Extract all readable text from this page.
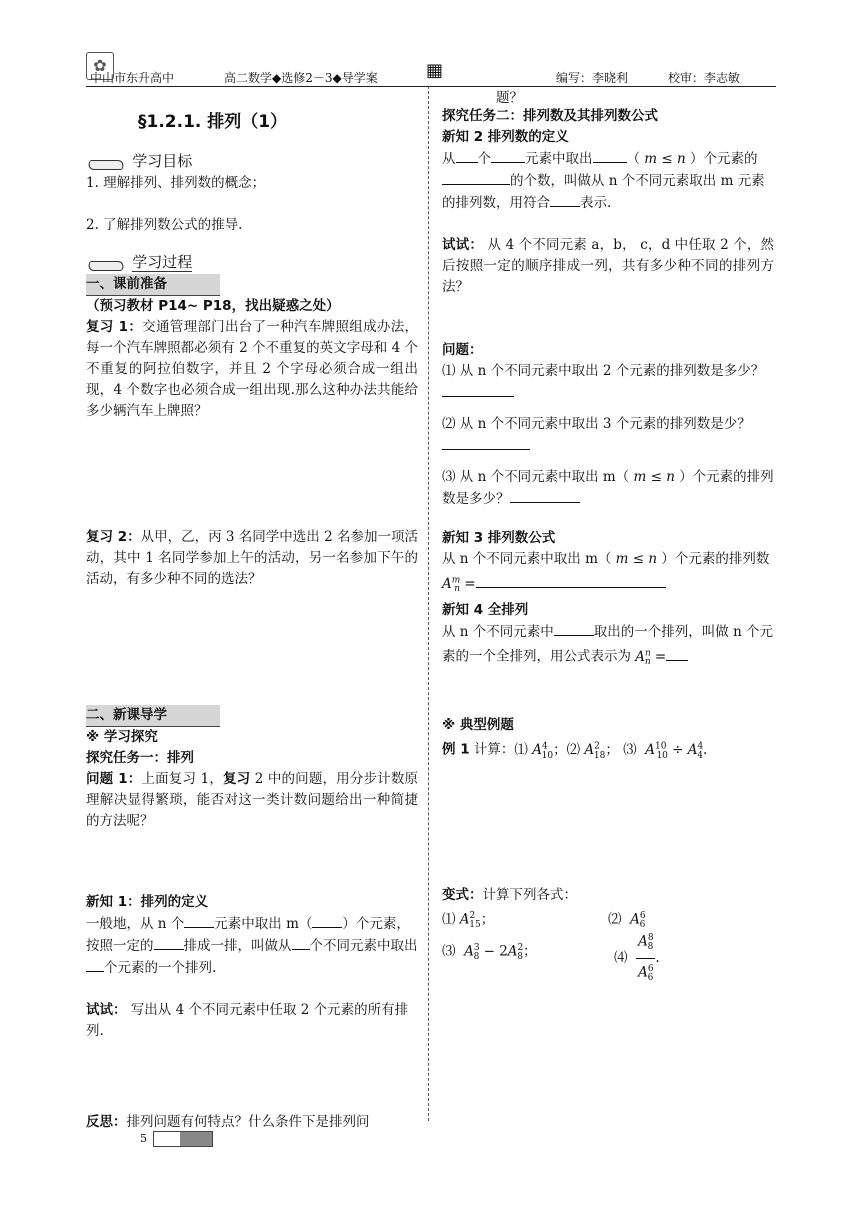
✿
中山市东升高中	高二数学◆选修2－3◆导学案	▦	编写：李晓利	校审：李志敏
§1.2.1. 排列（1）
学习目标

1. 理解排列、排列数的概念；

2. 了解排列数公式的推导.

学习过程
一、课前准备

（预习教材 P14~ P18，找出疑惑之处）

复习 1：交通管理部门出台了一种汽车牌照组成办法，每一个汽车牌照都必须有 2 个不重复的英文字母和 4 个不重复的阿拉伯数字，并且 2 个字母必须合成一组出现，4 个数字也必须合成一组出现.那么这种办法共能给多少辆汽车上牌照？

复习 2：从甲，乙，丙 3 名同学中选出 2 名参加一项活动，其中 1 名同学参加上午的活动，另一名参加下午的活动，有多少种不同的选法？

二、新课导学

※ 学习探究

探究任务一：排列

问题 1：上面复习 1，复习 2 中的问题，用分步计数原理解决显得繁琐，能否对这一类计数问题给出一种简捷的方法呢？

新知 1：排列的定义

一般地，从 n 个 元素中取出 m（ ）个元素，按照一定的 排成一排，叫做从 个不同元素中取出个元素的一个排列.

试试： 写出从 4 个不同元素中任取 2 个元素的所有排列.

反思：排列问题有何特点？什么条件下是排列问

题？

探究任务二：排列数及其排列数公式

新知 2 排列数的定义

从 个	元素中取出	（ m ≤ n ）个元素的的个数，叫做从 n 个不同元素取出 m 元素的排列数，用符合 表示.

试试： 从 4 个不同元素 a，b， c，d 中任取 2 个，然后按照一定的顺序排成一列，共有多少种不同的排列方法？

问题：

⑴ 从 n 个不同元素中取出 2 个元素的排列数是多少？

⑵ 从 n 个不同元素中取出 3 个元素的排列数是少？

⑶ 从 n 个不同元素中取出 m（ m ≤ n ）个元素的排列数是多少？

新知 3 排列数公式

从 n 个不同元素中取出 m（ m ≤ n ）个元素的排列数 $A^m_n$ =

新知 4 全排列

从 n 个不同元素中	取出的一个排列，叫做 n 个元素的一个全排列，用公式表示为 $A^n_n$ =

※ 典型例题

例 1 计算：⑴ $A^4_{10}$；⑵ $A^2_{18}$； ⑶  $A^{10}_{10} \div A^4_4$.

变式：计算下列各式：

⑴ $A^2_{15}$；	⑵  $A^6_6$
⑶  $A^3_8 - 2A^2_8$；	⑷ $\frac{A^8_8}{A^6_6}$ .
5
